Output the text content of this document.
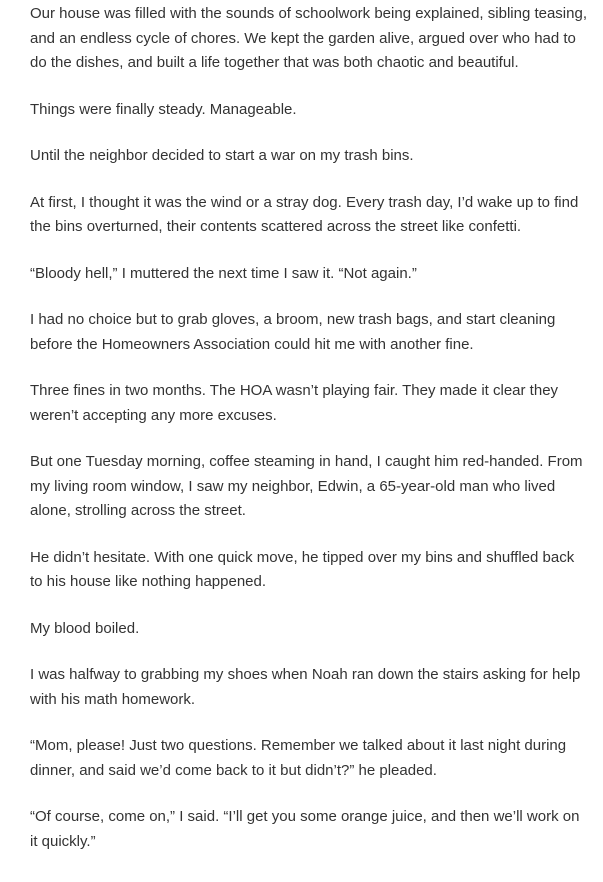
Our house was filled with the sounds of schoolwork being explained, sibling teasing, and an endless cycle of chores. We kept the garden alive, argued over who had to do the dishes, and built a life together that was both chaotic and beautiful.

Things were finally steady. Manageable.

Until the neighbor decided to start a war on my trash bins.

At first, I thought it was the wind or a stray dog. Every trash day, I’d wake up to find the bins overturned, their contents scattered across the street like confetti.

“Bloody hell,” I muttered the next time I saw it. “Not again.”

I had no choice but to grab gloves, a broom, new trash bags, and start cleaning before the Homeowners Association could hit me with another fine.

Three fines in two months. The HOA wasn’t playing fair. They made it clear they weren’t accepting any more excuses.

But one Tuesday morning, coffee steaming in hand, I caught him red-handed. From my living room window, I saw my neighbor, Edwin, a 65-year-old man who lived alone, strolling across the street.

He didn’t hesitate. With one quick move, he tipped over my bins and shuffled back to his house like nothing happened.

My blood boiled.

I was halfway to grabbing my shoes when Noah ran down the stairs asking for help with his math homework.

“Mom, please! Just two questions. Remember we talked about it last night during dinner, and said we’d come back to it but didn’t?” he pleaded.

“Of course, come on,” I said. “I’ll get you some orange juice, and then we’ll work on it quickly.”
